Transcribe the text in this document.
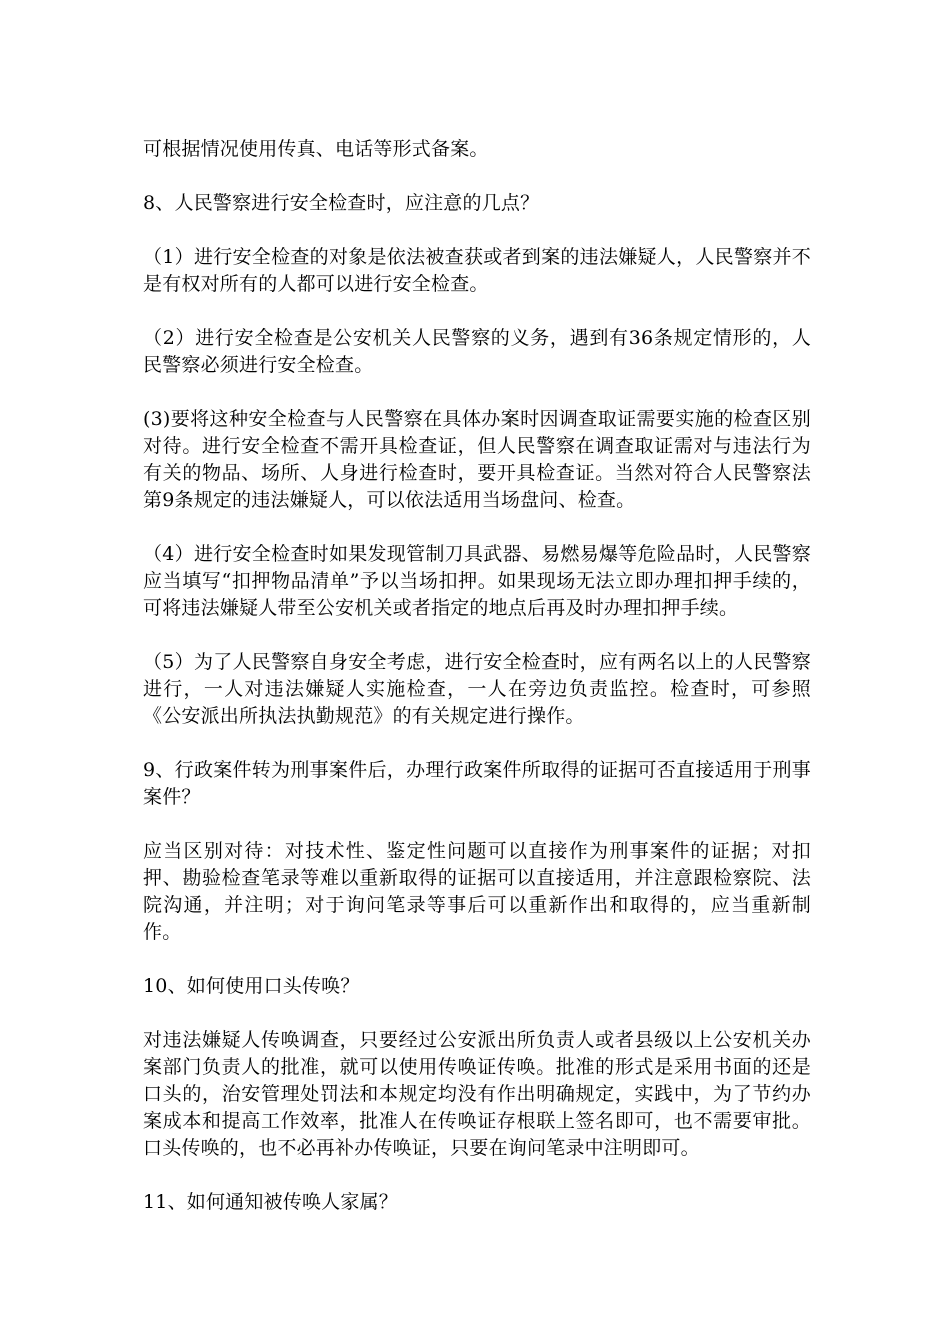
可根据情况使用传真、电话等形式备案。

8、人民警察进行安全检查时，应注意的几点？

（1）进行安全检查的对象是依法被查获或者到案的违法嫌疑人，人民警察并不是有权对所有的人都可以进行安全检查。

（2）进行安全检查是公安机关人民警察的义务，遇到有36条规定情形的，人民警察必须进行安全检查。

(3)要将这种安全检查与人民警察在具体办案时因调查取证需要实施的检查区别对待。进行安全检查不需开具检查证，但人民警察在调查取证需对与违法行为有关的物品、场所、人身进行检查时，要开具检查证。当然对符合人民警察法第9条规定的违法嫌疑人，可以依法适用当场盘问、检查。

（4）进行安全检查时如果发现管制刀具武器、易燃易爆等危险品时，人民警察应当填写“扣押物品清单”予以当场扣押。如果现场无法立即办理扣押手续的，可将违法嫌疑人带至公安机关或者指定的地点后再及时办理扣押手续。

（5）为了人民警察自身安全考虑，进行安全检查时，应有两名以上的人民警察进行，一人对违法嫌疑人实施检查，一人在旁边负责监控。检查时，可参照《公安派出所执法执勤规范》的有关规定进行操作。

9、行政案件转为刑事案件后，办理行政案件所取得的证据可否直接适用于刑事案件？

应当区别对待：对技术性、鉴定性问题可以直接作为刑事案件的证据；对扣押、勘验检查笔录等难以重新取得的证据可以直接适用，并注意跟检察院、法院沟通，并注明；对于询问笔录等事后可以重新作出和取得的，应当重新制作。

10、如何使用口头传唤？

对违法嫌疑人传唤调查，只要经过公安派出所负责人或者县级以上公安机关办案部门负责人的批准，就可以使用传唤证传唤。批准的形式是采用书面的还是口头的，治安管理处罚法和本规定均没有作出明确规定，实践中，为了节约办案成本和提高工作效率，批准人在传唤证存根联上签名即可，也不需要审批。口头传唤的，也不必再补办传唤证，只要在询问笔录中注明即可。

11、如何通知被传唤人家属？
